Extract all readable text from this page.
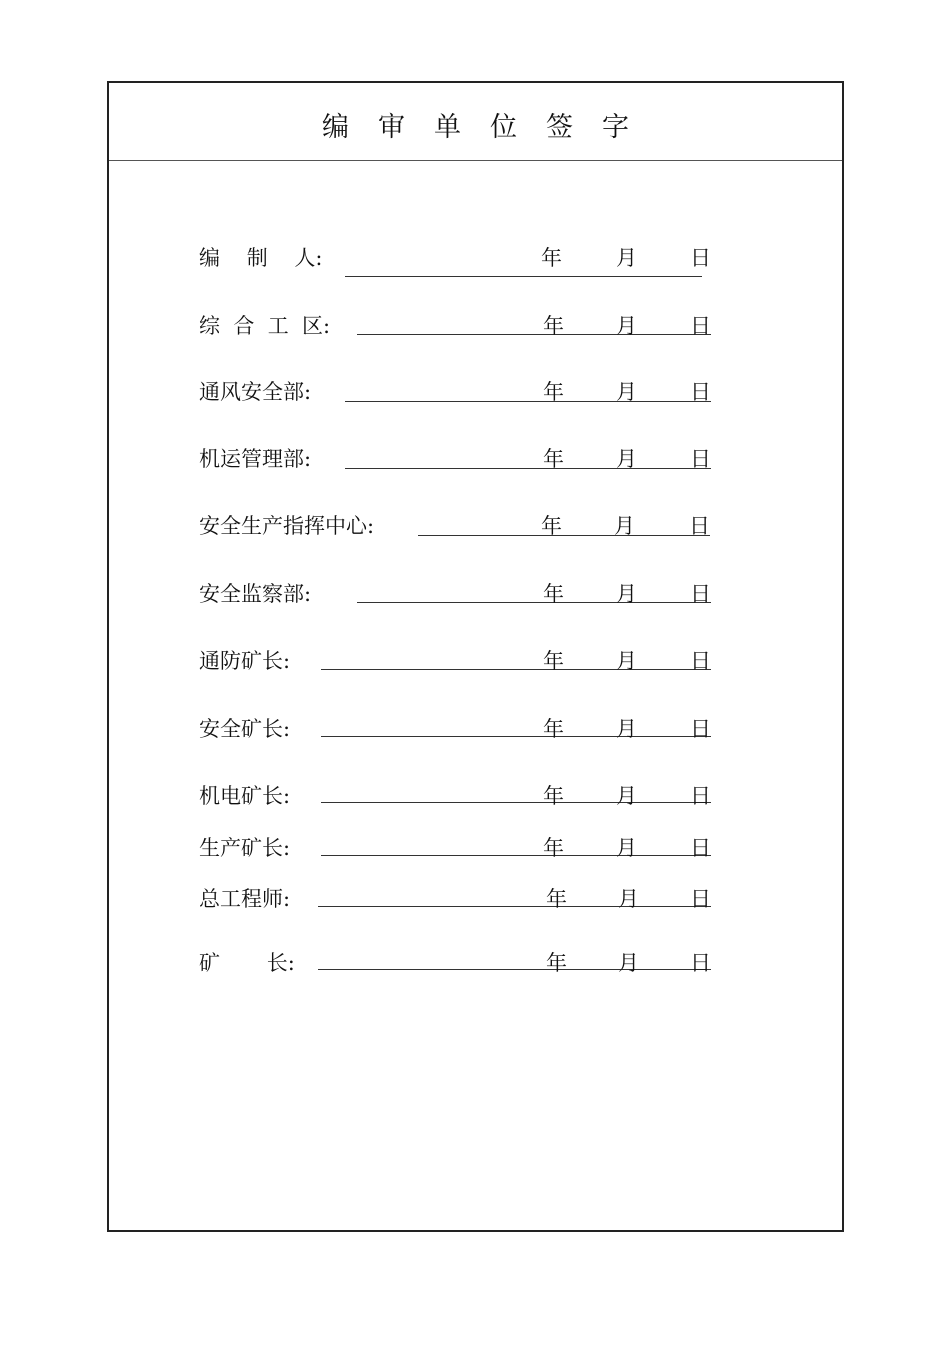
编审单位签字
编    制    人:	年	月	日
综  合  工  区:	年 月	日
通风安全部:	年 月	日
机运管理部:	年 月	日
安全生产指挥中心:	年 月	日
安全监察部:	年 月	日
通防矿长:	年 月	日
安全矿长:	年 月	日
机电矿长:	年 月	日
生产矿长:	年 月	日
总工程师:	年 月 日
矿       长:	年 月 日
